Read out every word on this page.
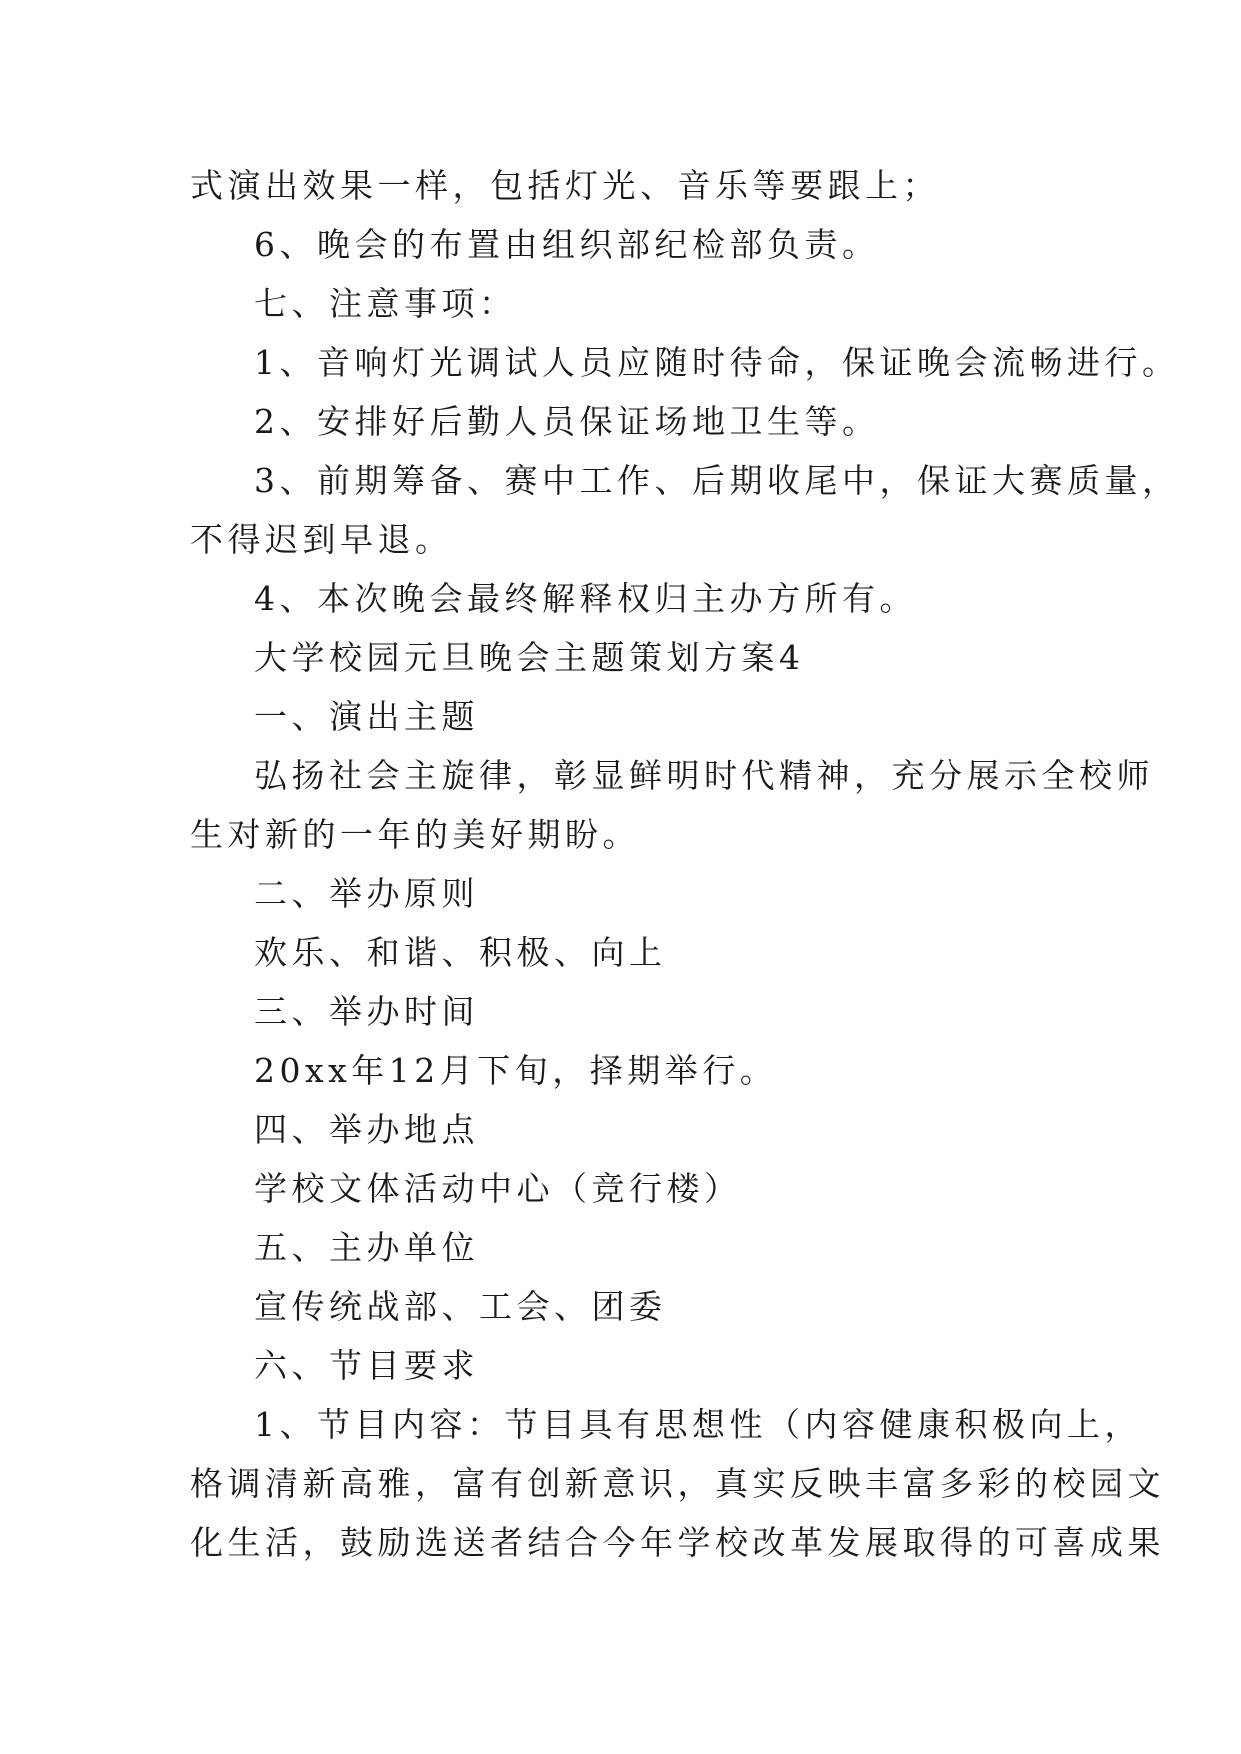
式演出效果一样，包括灯光、音乐等要跟上；
6、晚会的布置由组织部纪检部负责。
七、注意事项：
1、音响灯光调试人员应随时待命，保证晚会流畅进行。
2、安排好后勤人员保证场地卫生等。
3、前期筹备、赛中工作、后期收尾中，保证大赛质量，
不得迟到早退。
4、本次晚会最终解释权归主办方所有。
大学校园元旦晚会主题策划方案4
一、演出主题
弘扬社会主旋律，彰显鲜明时代精神，充分展示全校师
生对新的一年的美好期盼。
二、举办原则
欢乐、和谐、积极、向上
三、举办时间
20xx年12月下旬，择期举行。
四、举办地点
学校文体活动中心（竞行楼）
五、主办单位
宣传统战部、工会、团委
六、节目要求
1、节目内容：节目具有思想性（内容健康积极向上，
格调清新高雅，富有创新意识，真实反映丰富多彩的校园文
化生活，鼓励选送者结合今年学校改革发展取得的可喜成果
